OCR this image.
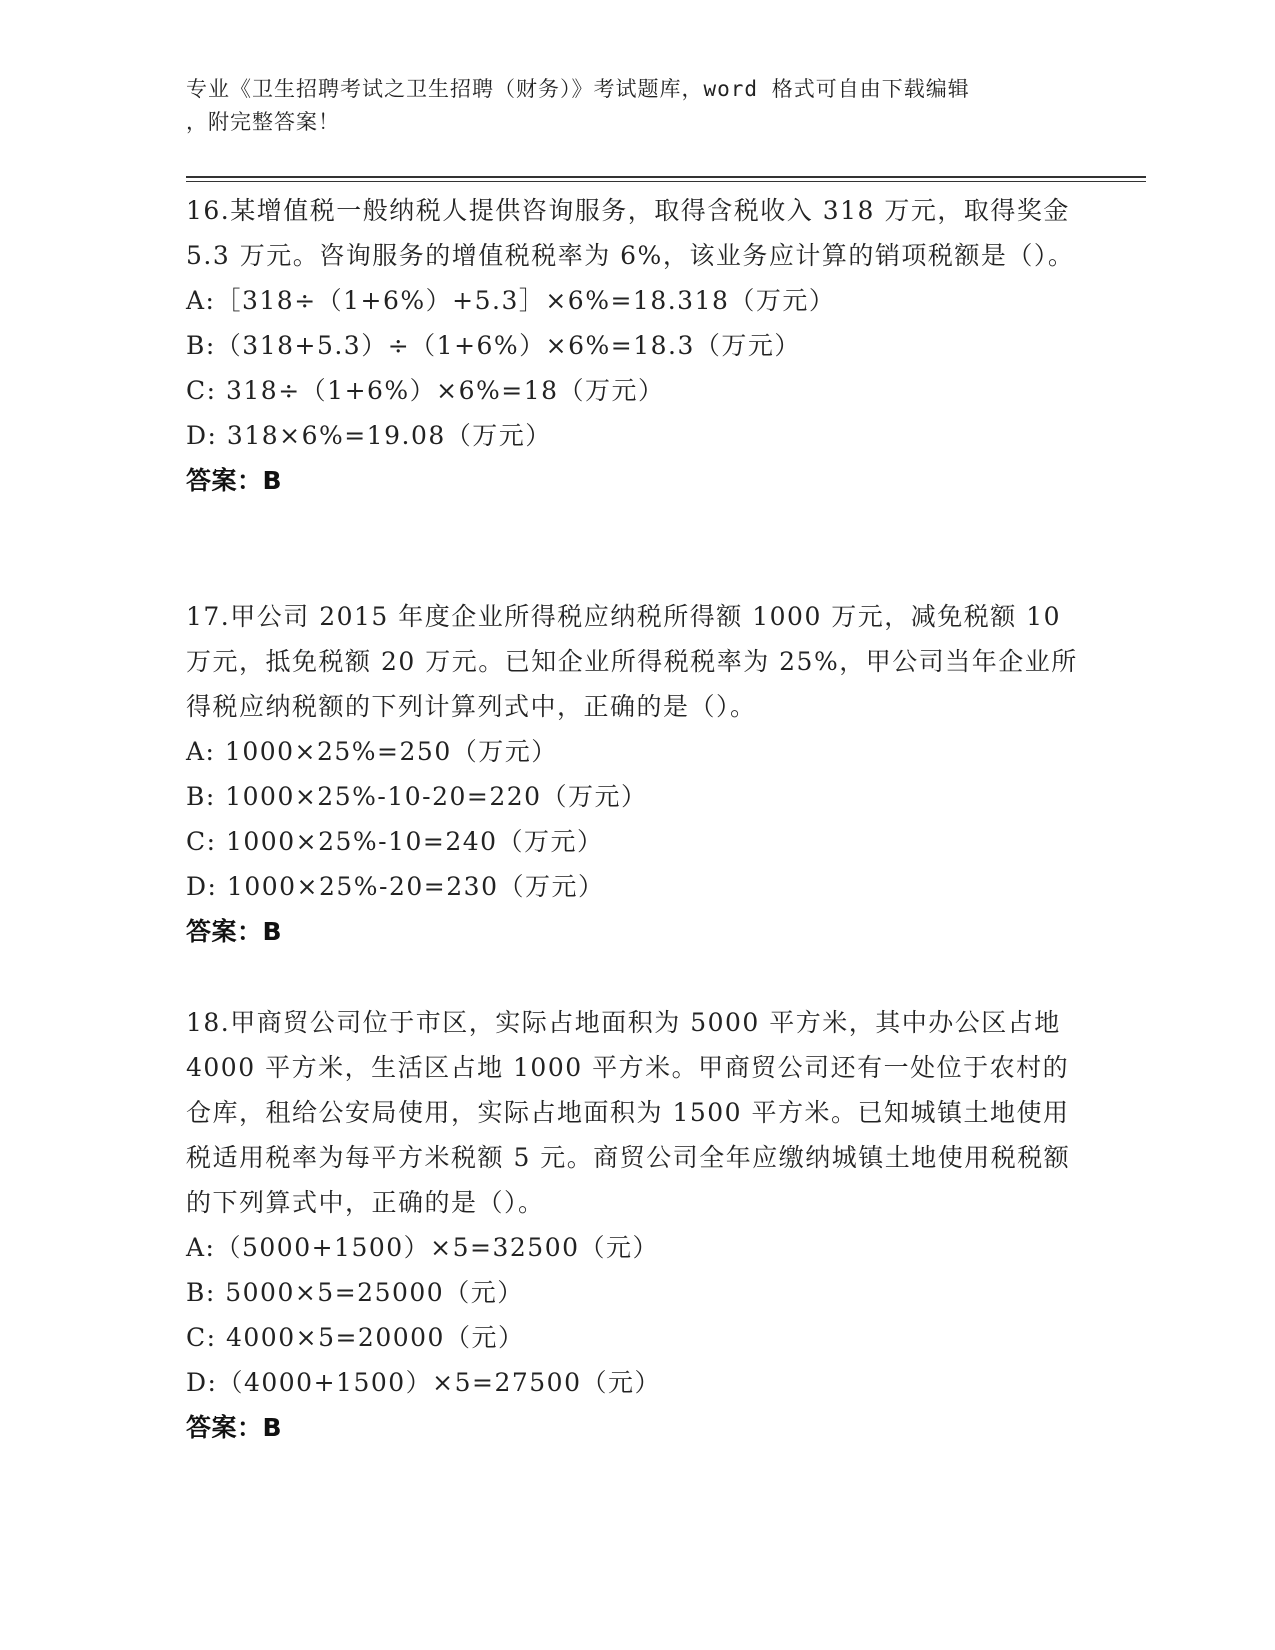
专业《卫生招聘考试之卫生招聘（财务）》考试题库，word 格式可自由下载编辑
，附完整答案！
16.某增值税一般纳税人提供咨询服务，取得含税收入 318 万元，取得奖金 5.3 万元。咨询服务的增值税税率为 6%，该业务应计算的销项税额是（）。
A:［318÷（1+6%）+5.3］×6%=18.318（万元）
B:（318+5.3）÷（1+6%）×6%=18.3（万元）
C: 318÷（1+6%）×6%=18（万元）
D: 318×6%=19.08（万元）
答案：B
17.甲公司 2015 年度企业所得税应纳税所得额 1000 万元，减免税额 10 万元，抵免税额 20 万元。已知企业所得税税率为 25%，甲公司当年企业所得税应纳税额的下列计算列式中，正确的是（）。
A: 1000×25%=250（万元）
B: 1000×25%-10-20=220（万元）
C: 1000×25%-10=240（万元）
D: 1000×25%-20=230（万元）
答案：B
18.甲商贸公司位于市区，实际占地面积为 5000 平方米，其中办公区占地 4000 平方米，生活区占地 1000 平方米。甲商贸公司还有一处位于农村的仓库，租给公安局使用，实际占地面积为 1500 平方米。已知城镇土地使用税适用税率为每平方米税额 5 元。商贸公司全年应缴纳城镇土地使用税税额的下列算式中，正确的是（）。
A:（5000+1500）×5=32500（元）
B: 5000×5=25000（元）
C: 4000×5=20000（元）
D:（4000+1500）×5=27500（元）
答案：B
